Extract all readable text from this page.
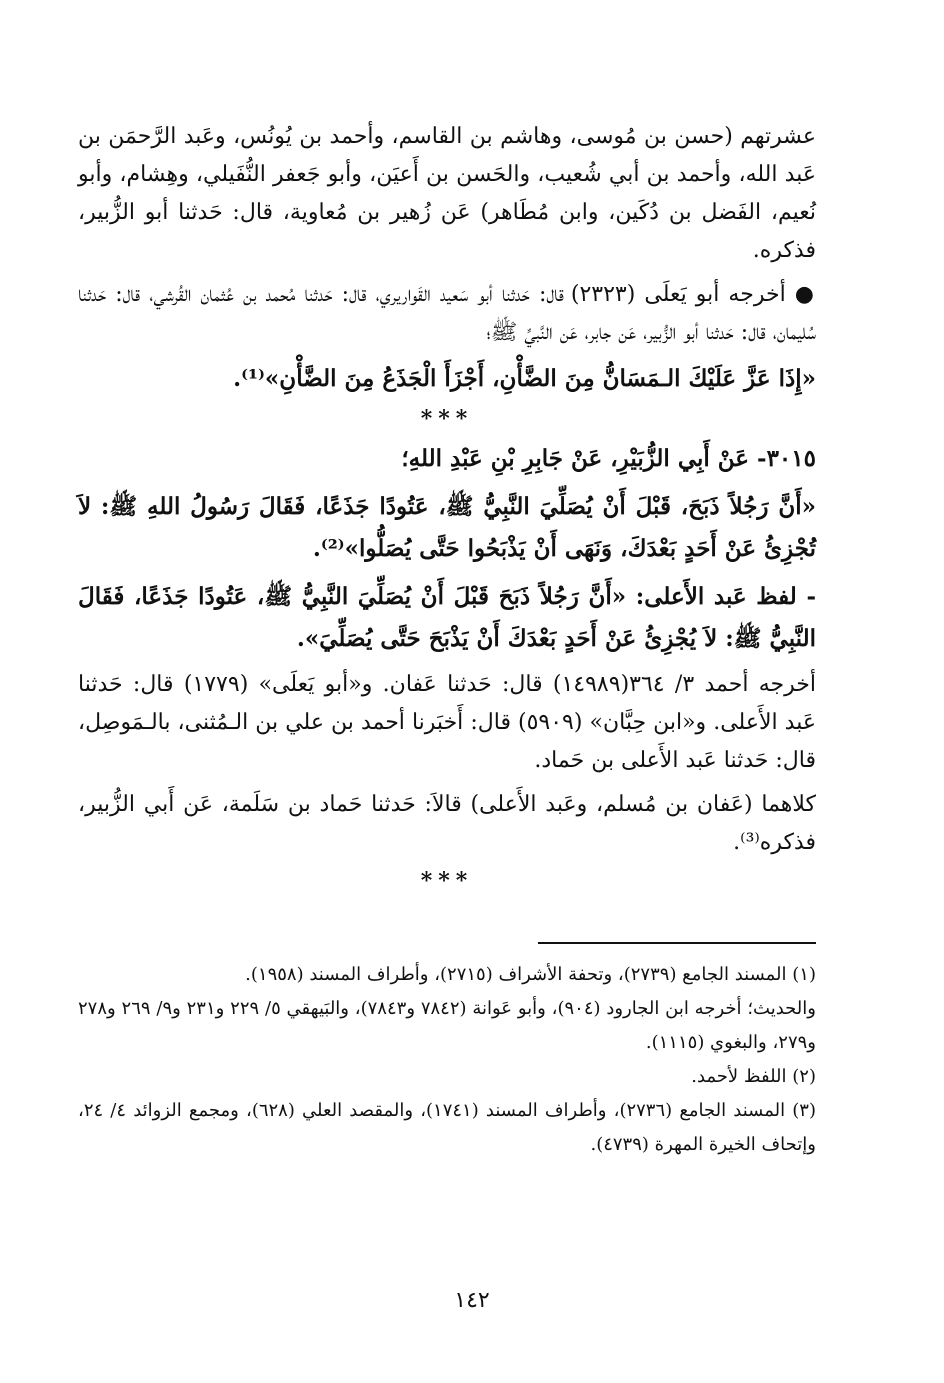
عشرتهم (حسن بن مُوسى، وهاشم بن القاسم، وأحمد بن يُونُس، وعَبد الرَّحمَن بن عَبد الله، وأحمد بن أبي شُعيب، والحَسن بن أَعيَن، وأبو جَعفر النُّفَيلي، وهِشام، وأبو نُعيم، الفَضل بن دُكَين، وابن مُطَاهر) عَن زُهير بن مُعاوية، قال: حَدثنا أبو الزُّبير، فذكره.

● أخرجه أبو يَعلَى (٢٣٢٣) قال: حَدثنا أبو سَعيد القَواريري، قال: حَدثنا مُحمد بن عُثمان القُرشي، قال: حَدثنا سُليمان، قال: حَدثنا أبو الزُّبير، عَن جابر، عَن النَّبيِّ ﷺ؛

«إِذَا عَزَّ عَلَيْكَ الـمَسَانُّ مِنَ الضَّأْنِ، أَجْزَأَ الْجَذَعُ مِنَ الضَّأْنِ»⁽¹⁾.

***

٣٠١٥- عَنْ أَبِي الزُّبَيْرِ، عَنْ جَابِرِ بْنِ عَبْدِ اللهِ؛

«أَنَّ رَجُلاً ذَبَحَ، قَبْلَ أَنْ يُصَلِّيَ النَّبِيُّ ﷺ، عَتُودًا جَذَعًا، فَقَالَ رَسُولُ اللهِ ﷺ: لاَ تُجْزِئُ عَنْ أَحَدٍ بَعْدَكَ، وَنَهَى أَنْ يَذْبَحُوا حَتَّى يُصَلُّوا»⁽²⁾.

- لفظ عَبد الأَعلى: «أَنَّ رَجُلاً ذَبَحَ قَبْلَ أَنْ يُصَلِّيَ النَّبِيُّ ﷺ، عَتُودًا جَذَعًا، فَقَالَ النَّبِيُّ ﷺ: لاَ يُجْزِئُ عَنْ أَحَدٍ بَعْدَكَ أَنْ يَذْبَحَ حَتَّى يُصَلِّيَ».

أخرجه أحمد ٣/ ٣٦٤(١٤٩٨٩) قال: حَدثنا عَفان. و«أبو يَعلَى» (١٧٧٩) قال: حَدثنا عَبد الأَعلى. و«ابن حِبَّان» (٥٩٠٩) قال: أَخبَرنا أحمد بن علي بن الـمُثنى، بالـمَوصِل، قال: حَدثنا عَبد الأَعلى بن حَماد.

كلاهما (عَفان بن مُسلم، وعَبد الأَعلى) قالاَ: حَدثنا حَماد بن سَلَمة، عَن أَبي الزُّبير، فذكره⁽³⁾.

***

(١) المسند الجامع (٢٧٣٩)، وتحفة الأشراف (٢٧١٥)، وأطراف المسند (١٩٥٨).

والحديث؛ أخرجه ابن الجارود (٩٠٤)، وأبو عَوانة (٧٨٤٢ و٧٨٤٣)، والبَيهقي ٥/ ٢٢٩ و٢٣١ و٩/ ٢٦٩ و٢٧٨ و٢٧٩، والبغوي (١١١٥).

(٢) اللفظ لأحمد.

(٣) المسند الجامع (٢٧٣٦)، وأطراف المسند (١٧٤١)، والمقصد العلي (٦٢٨)، ومجمع الزوائد ٤/ ٢٤، وإتحاف الخيرة المهرة (٤٧٣٩).

١٤٢
